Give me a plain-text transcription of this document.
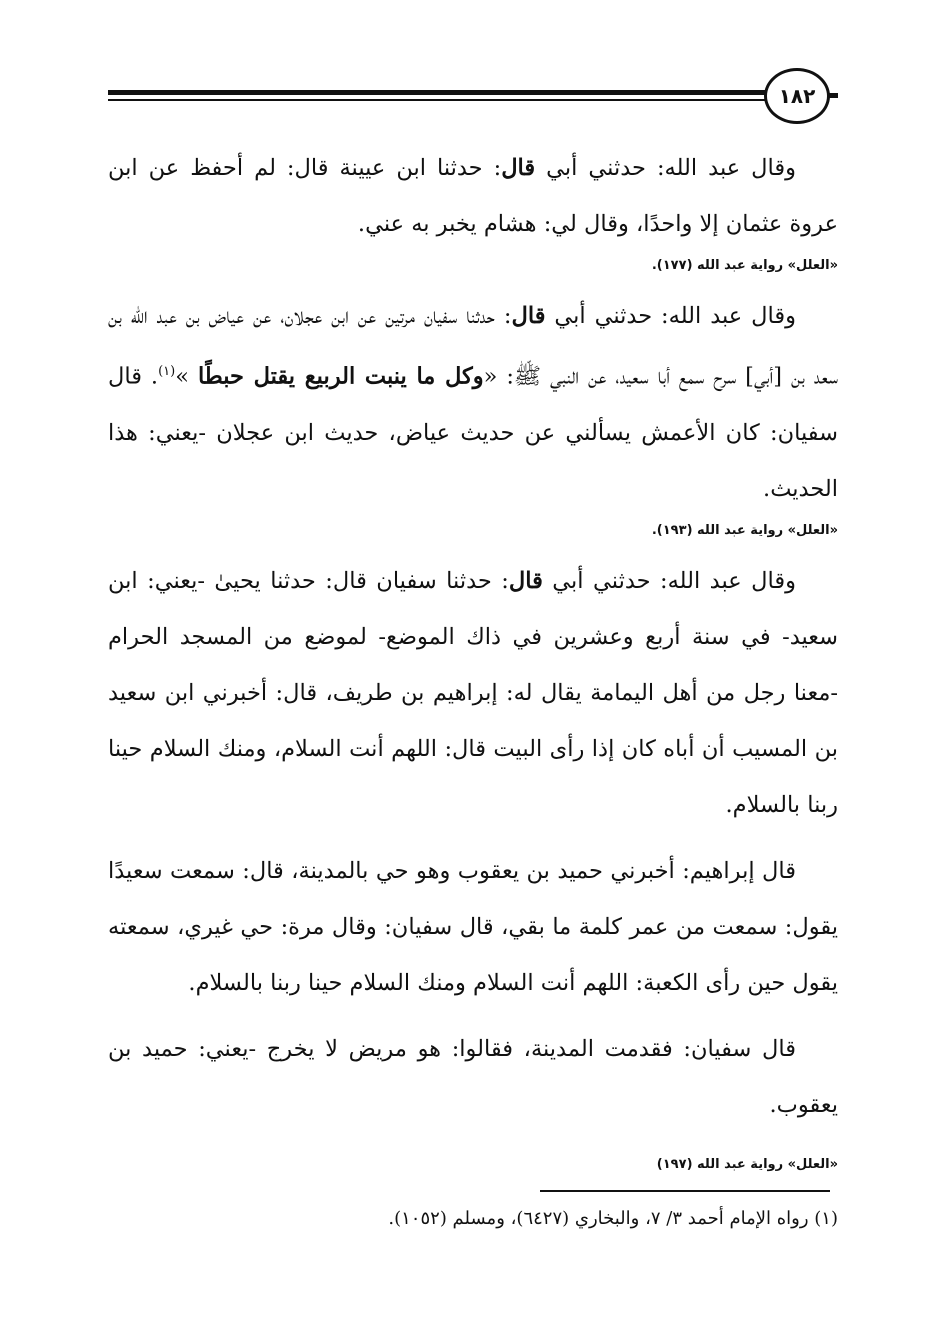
١٨٢

وقال عبد الله: حدثني أبي قال: حدثنا ابن عيينة قال: لم أحفظ عن ابن عروة عثمان إلا واحدًا، وقال لي: هشام يخبر به عني.

«العلل» رواية عبد الله (١٧٧).

وقال عبد الله: حدثني أبي قال: حدثنا سفيان مرتين عن ابن عجلان، عن عياض بن عبد الله بن سعد بن [أبي] سرح سمع أبا سعيد، عن النبي ﷺ: «وكل ما ينبت الربيع يقتل حبطًا »$^{(١)}$. قال سفيان: كان الأعمش يسألني عن حديث عياض، حديث ابن عجلان -يعني: هذا الحديث.

«العلل» رواية عبد الله (١٩٣).

وقال عبد الله: حدثني أبي قال: حدثنا سفيان قال: حدثنا يحيىٰ -يعني: ابن سعيد- في سنة أربع وعشرين في ذاك الموضع- لموضع من المسجد الحرام -معنا رجل من أهل اليمامة يقال له: إبراهيم بن طريف، قال: أخبرني ابن سعيد بن المسيب أن أباه كان إذا رأى البيت قال: اللهم أنت السلام، ومنك السلام حينا ربنا بالسلام.

قال إبراهيم: أخبرني حميد بن يعقوب وهو حي بالمدينة، قال: سمعت سعيدًا يقول: سمعت من عمر كلمة ما بقي، قال سفيان: وقال مرة: حي غيري، سمعته يقول حين رأى الكعبة: اللهم أنت السلام ومنك السلام حينا ربنا بالسلام.

قال سفيان: فقدمت المدينة، فقالوا: هو مريض لا يخرج -يعني: حميد بن يعقوب.

«العلل» رواية عبد الله (١٩٧)
(١) رواه الإمام أحمد ٣/ ٧، والبخاري (٦٤٢٧)، ومسلم (١٠٥٢).
